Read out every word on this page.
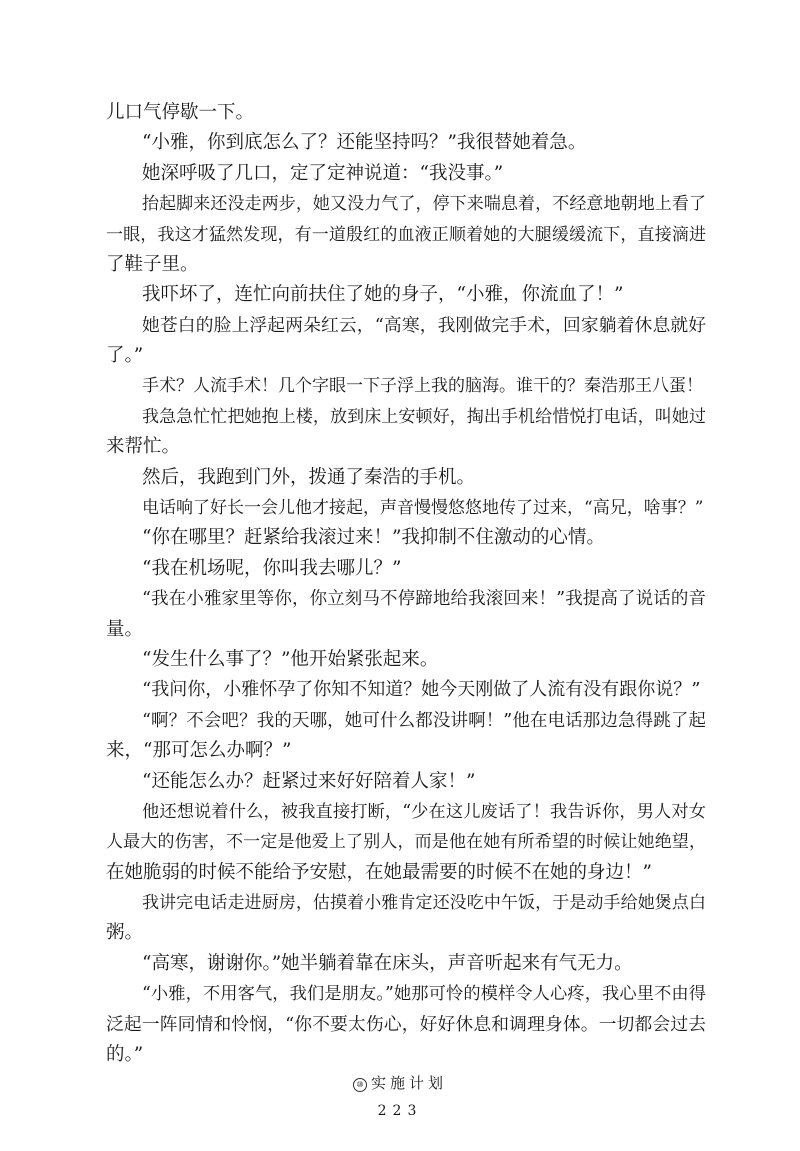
儿口气停歇一下。
“小雅，你到底怎么了？还能坚持吗？”我很替她着急。
她深呼吸了几口，定了定神说道：“我没事。”
抬起脚来还没走两步，她又没力气了，停下来喘息着，不经意地朝地上看了
一眼，我这才猛然发现，有一道殷红的血液正顺着她的大腿缓缓流下，直接滴进
了鞋子里。
我吓坏了，连忙向前扶住了她的身子，“小雅，你流血了！”
她苍白的脸上浮起两朵红云，“高寒，我刚做完手术，回家躺着休息就好
了。”
手术？人流手术！几个字眼一下子浮上我的脑海。谁干的？秦浩那王八蛋！
我急急忙忙把她抱上楼，放到床上安顿好，掏出手机给惜悦打电话，叫她过
来帮忙。
然后，我跑到门外，拨通了秦浩的手机。
电话响了好长一会儿他才接起，声音慢慢悠悠地传了过来，“高兄，啥事？”
“你在哪里？赶紧给我滚过来！”我抑制不住激动的心情。
“我在机场呢，你叫我去哪儿？”
“我在小雅家里等你，你立刻马不停蹄地给我滚回来！”我提高了说话的音
量。
“发生什么事了？”他开始紧张起来。
“我问你，小雅怀孕了你知不知道？她今天刚做了人流有没有跟你说？”
“啊？不会吧？我的天哪，她可什么都没讲啊！”他在电话那边急得跳了起
来，“那可怎么办啊？”
“还能怎么办？赶紧过来好好陪着人家！”
他还想说着什么，被我直接打断，“少在这儿废话了！我告诉你，男人对女
人最大的伤害，不一定是他爱上了别人，而是他在她有所希望的时候让她绝望，
在她脆弱的时候不能给予安慰，在她最需要的时候不在她的身边！”
我讲完电话走进厨房，估摸着小雅肯定还没吃中午饭，于是动手给她煲点白
粥。
“高寒，谢谢你。”她半躺着靠在床头，声音听起来有气无力。
“小雅，不用客气，我们是朋友。”她那可怜的模样令人心疼，我心里不由得
泛起一阵同情和怜悯，“你不要太伤心，好好休息和调理身体。一切都会过去
的。”
⑩ 实施计划
223
